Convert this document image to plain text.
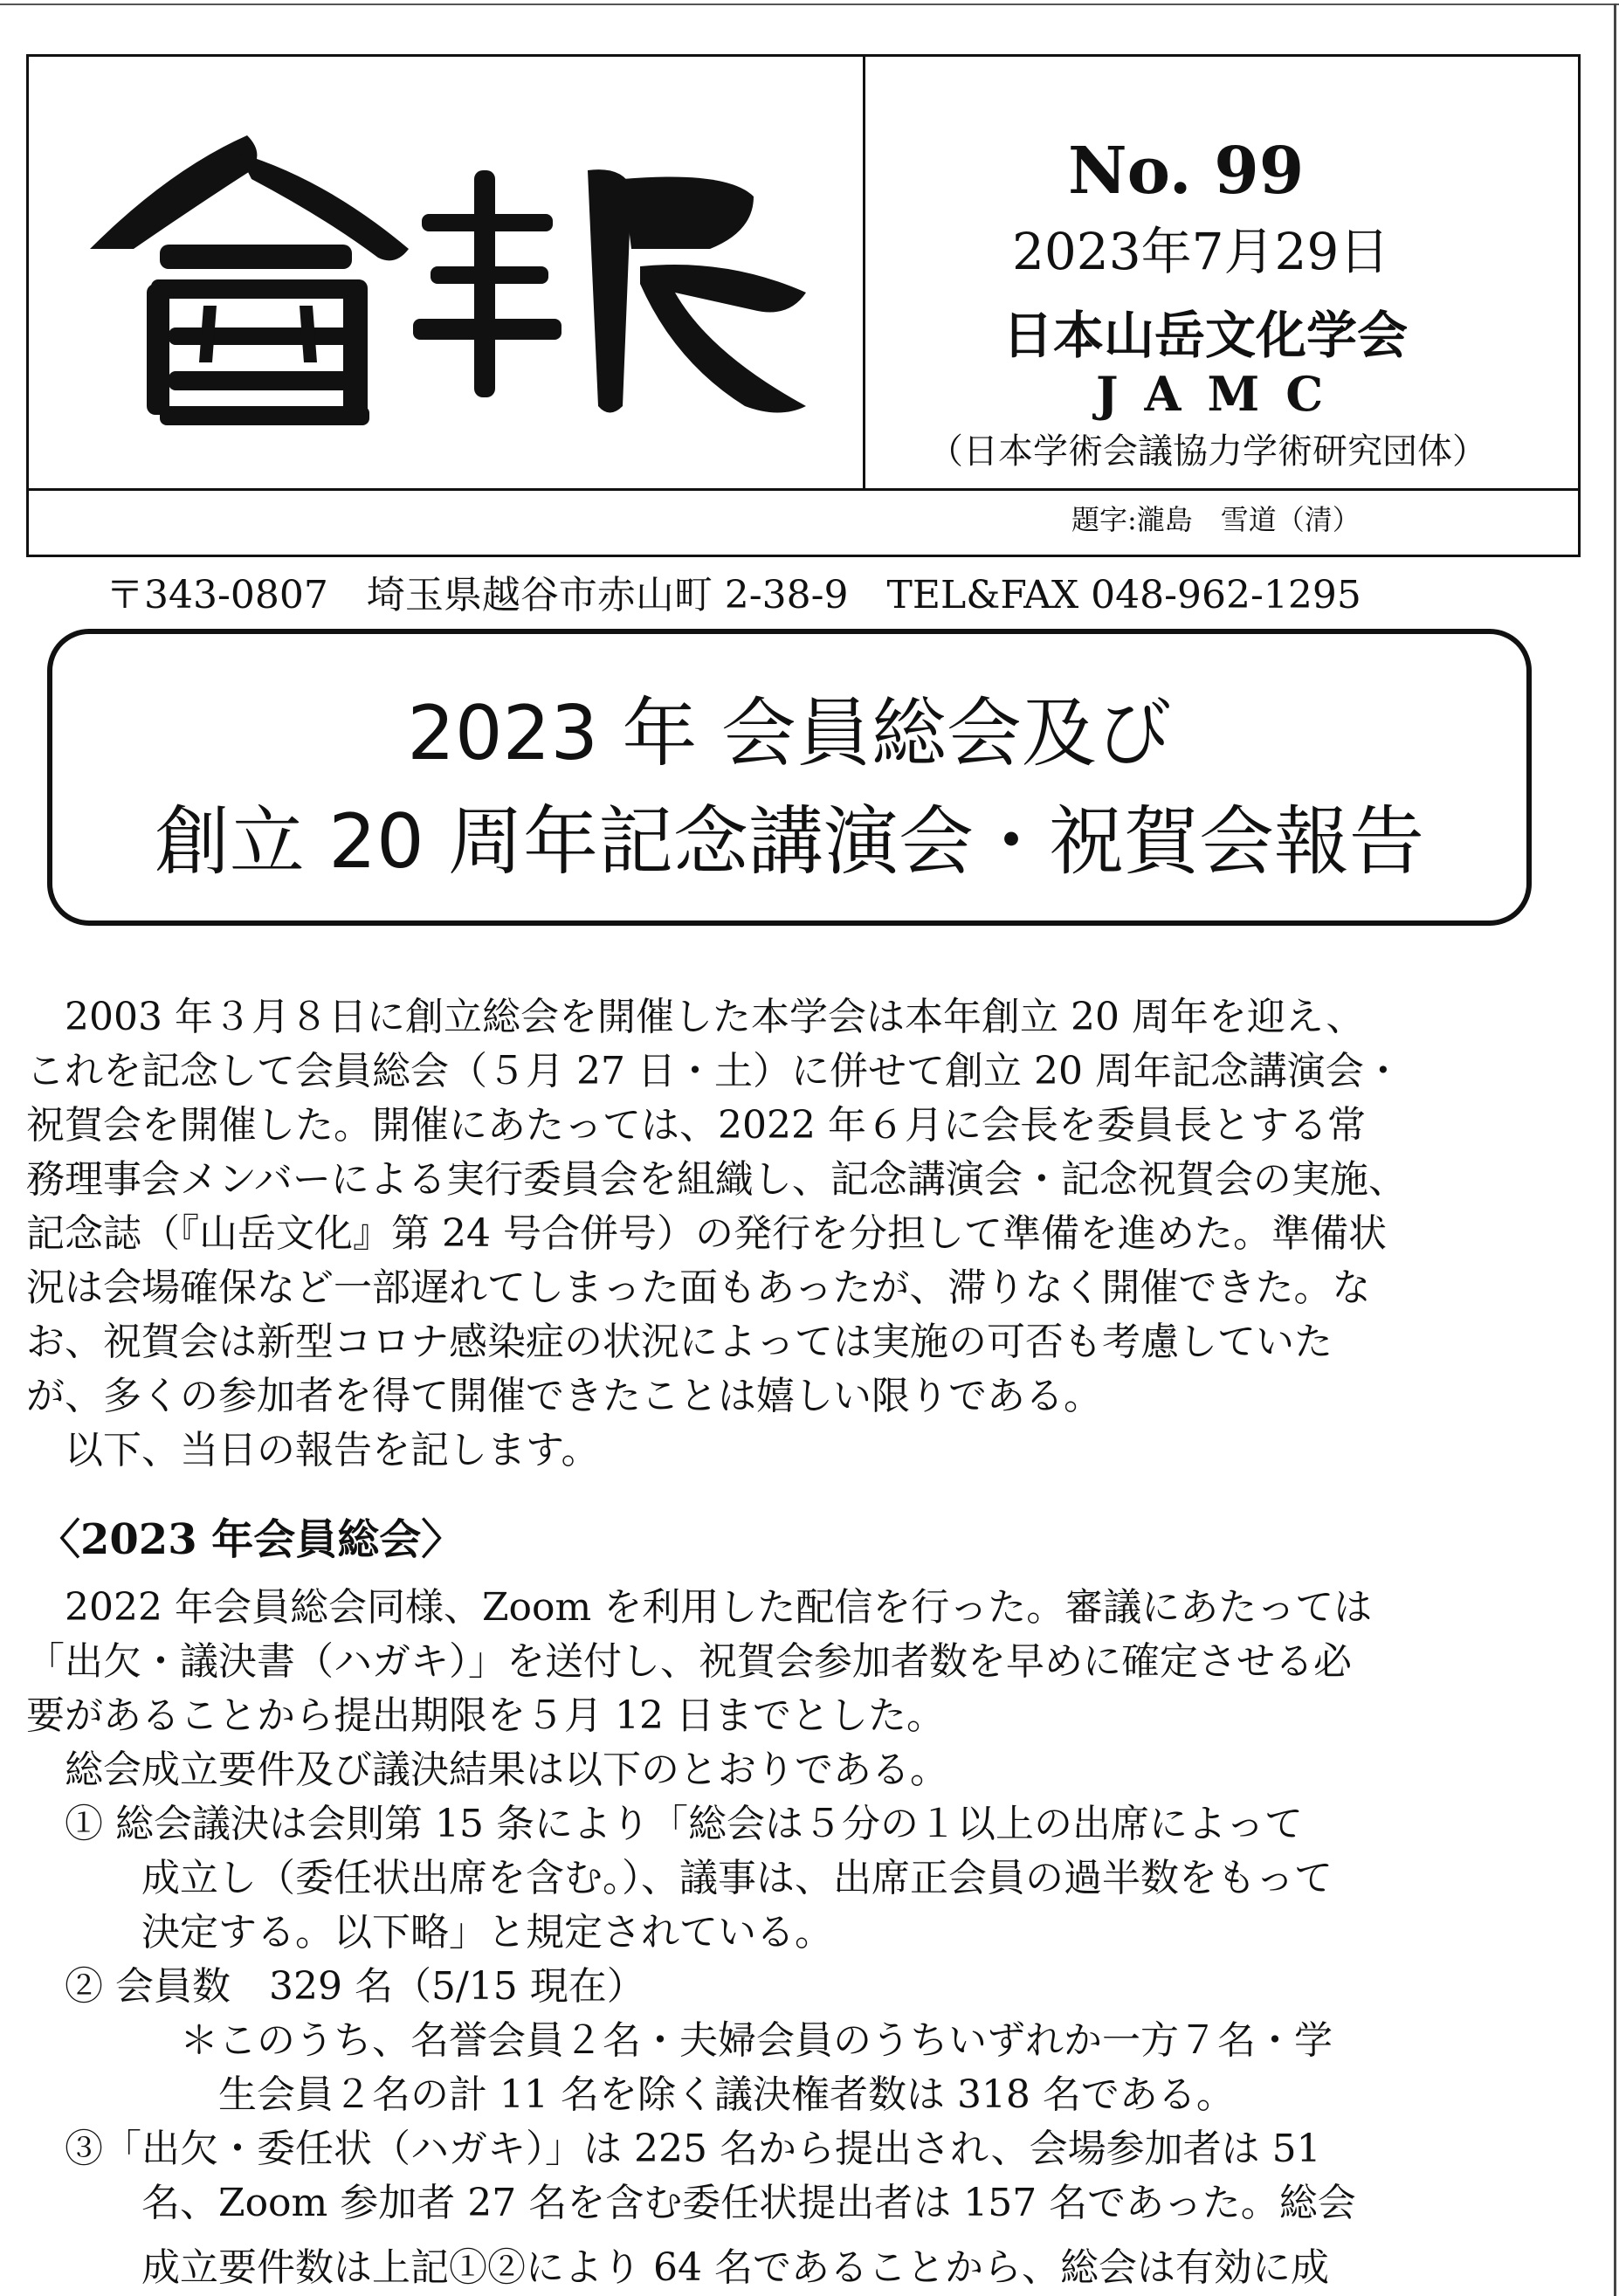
No. 99
2023年7月29日
日本山岳文化学会
JAMC
（日本学術会議協力学術研究団体）
題字:瀧島　雪道（清）
〒343-0807　埼玉県越谷市赤山町 2-38-9　TEL&FAX 048-962-1295
2023 年 会員総会及び
創立 20 周年記念講演会・祝賀会報告
　2003 年３月８日に創立総会を開催した本学会は本年創立 20 周年を迎え、
これを記念して会員総会（５月 27 日・土）に併せて創立 20 周年記念講演会・
祝賀会を開催した。開催にあたっては、2022 年６月に会長を委員長とする常
務理事会メンバーによる実行委員会を組織し、記念講演会・記念祝賀会の実施、
記念誌（『山岳文化』第 24 号合併号）の発行を分担して準備を進めた。準備状
況は会場確保など一部遅れてしまった面もあったが、滞りなく開催できた。な
お、祝賀会は新型コロナ感染症の状況によっては実施の可否も考慮していた
が、多くの参加者を得て開催できたことは嬉しい限りである。
　以下、当日の報告を記します。
〈2023 年会員総会〉
　2022 年会員総会同様、Zoom を利用した配信を行った。審議にあたっては
「出欠・議決書（ハガキ）」を送付し、祝賀会参加者数を早めに確定させる必
要があることから提出期限を５月 12 日までとした。
　総会成立要件及び議決結果は以下のとおりである。
　① 総会議決は会則第 15 条により「総会は５分の１以上の出席によって
　　　成立し（委任状出席を含む。）、議事は、出席正会員の過半数をもって
　　　決定する。以下略」と規定されている。
　② 会員数　329 名（5/15 現在）
　　　　＊このうち、名誉会員２名・夫婦会員のうちいずれか一方７名・学
　　　　　生会員２名の計 11 名を除く議決権者数は 318 名である。
　③「出欠・委任状（ハガキ）」は 225 名から提出され、会場参加者は 51
　　　名、Zoom 参加者 27 名を含む委任状提出者は 157 名であった。総会
　　　成立要件数は上記①②により 64 名であることから、総会は有効に成
